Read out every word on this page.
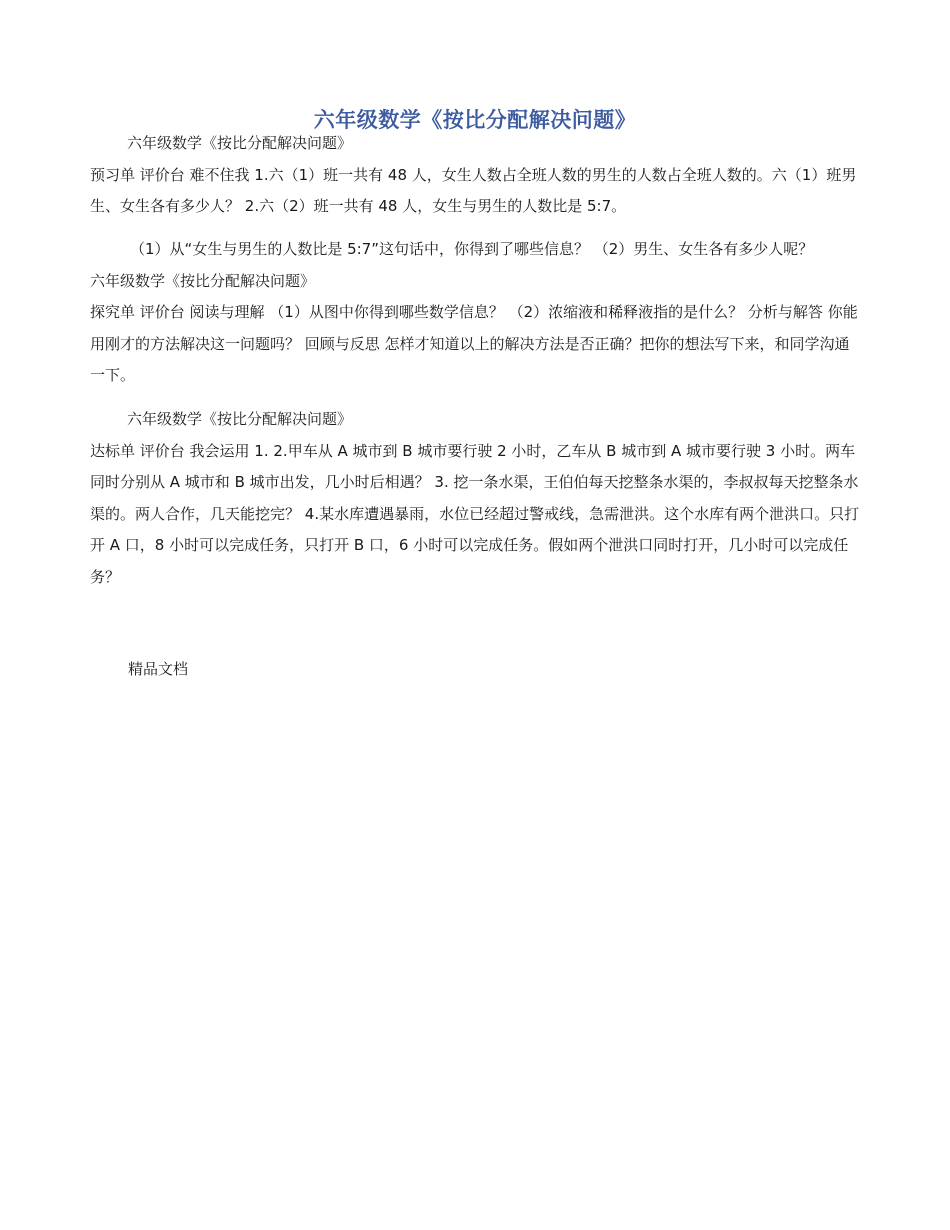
六年级数学《按比分配解决问题》

六年级数学《按比分配解决问题》

预习单 评价台 难不住我 1.六（1）班一共有 48 人，女生人数占全班人数的男生的人数占全班人数的。六（1）班男生、女生各有多少人？ 2.六（2）班一共有 48 人，女生与男生的人数比是 5:7。

（1）从“女生与男生的人数比是 5:7”这句话中，你得到了哪些信息？ （2）男生、女生各有多少人呢？

六年级数学《按比分配解决问题》

探究单 评价台 阅读与理解 （1）从图中你得到哪些数学信息？ （2）浓缩液和稀释液指的是什么？ 分析与解答 你能用刚才的方法解决这一问题吗？ 回顾与反思 怎样才知道以上的解决方法是否正确？把你的想法写下来，和同学沟通一下。

六年级数学《按比分配解决问题》

达标单 评价台 我会运用 1. 2.甲车从 A 城市到 B 城市要行驶 2 小时，乙车从 B 城市到 A 城市要行驶 3 小时。两车同时分别从 A 城市和 B 城市出发，几小时后相遇？ 3. 挖一条水渠，王伯伯每天挖整条水渠的，李叔叔每天挖整条水渠的。两人合作，几天能挖完？ 4.某水库遭遇暴雨，水位已经超过警戒线，急需泄洪。这个水库有两个泄洪口。只打开 A 口，8 小时可以完成任务，只打开 B 口，6 小时可以完成任务。假如两个泄洪口同时打开，几小时可以完成任务？

精品文档
